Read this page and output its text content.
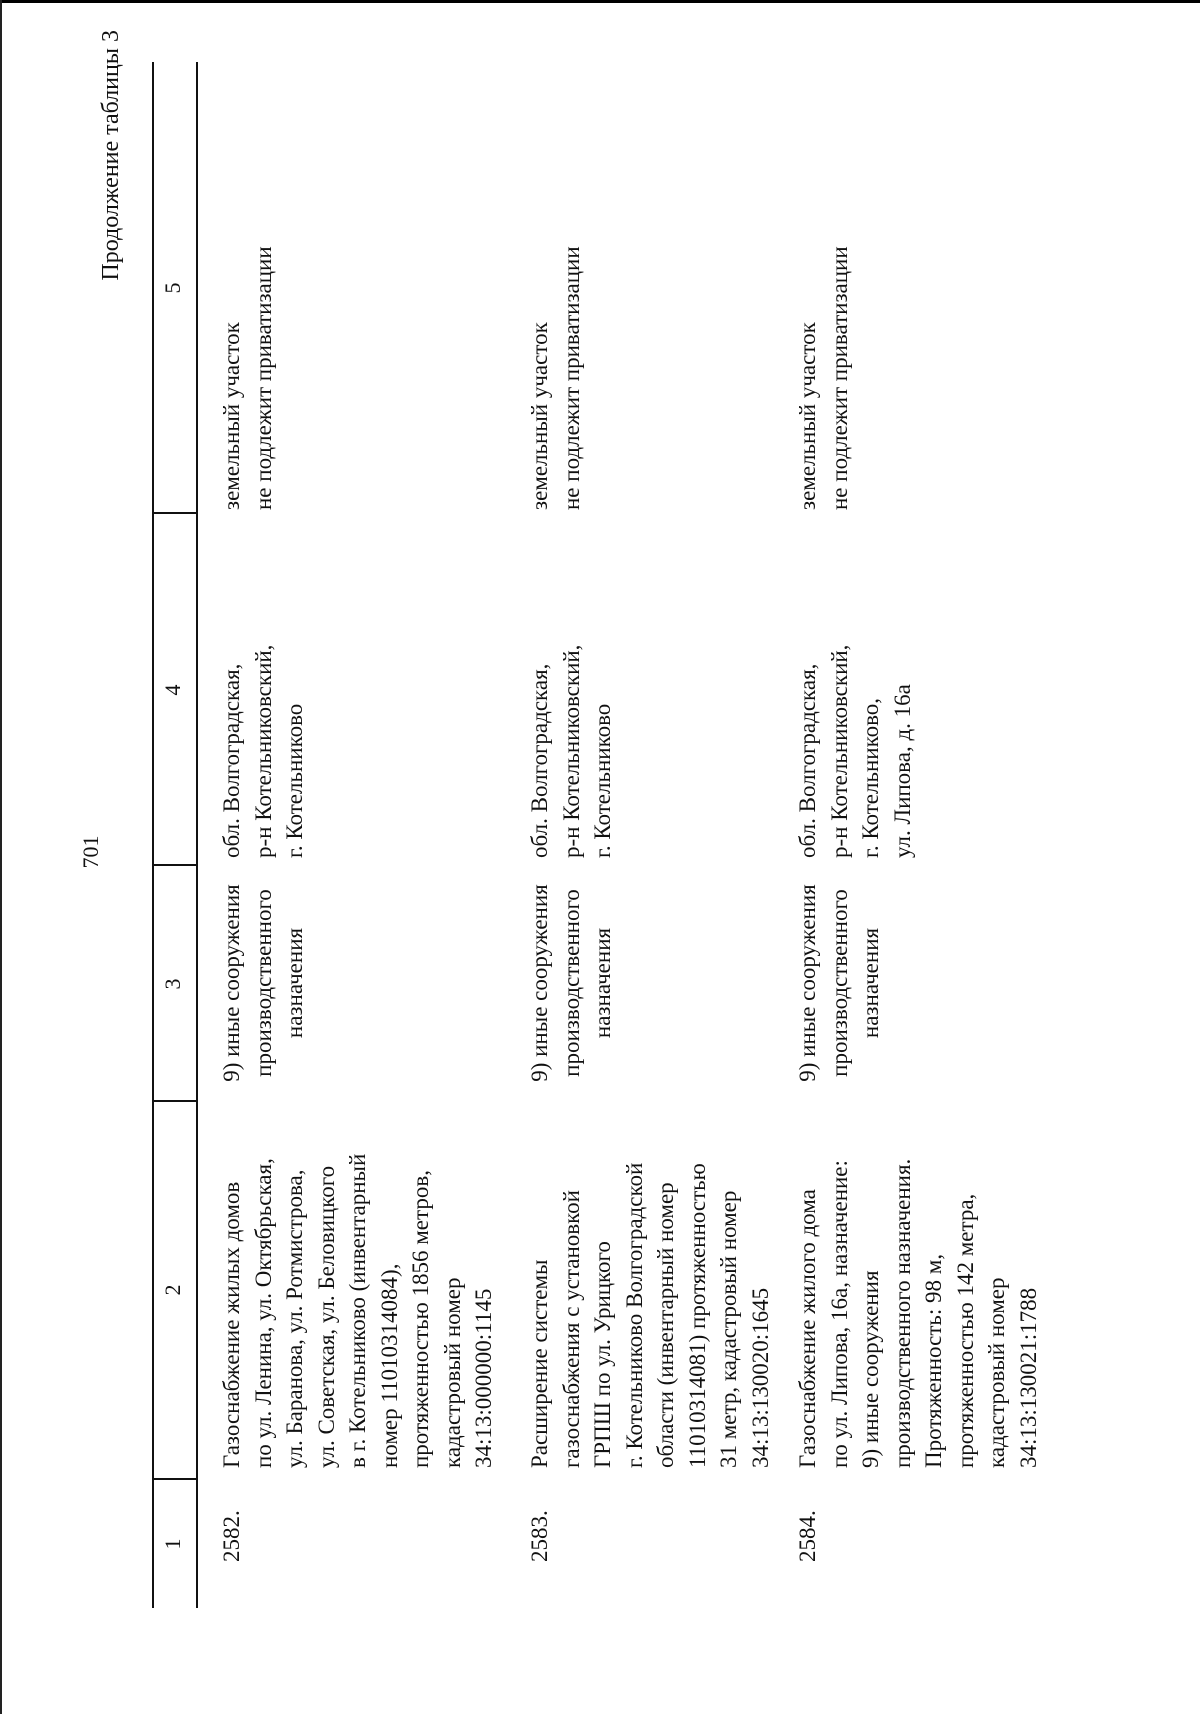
701
Продолжение таблицы 3
1
2
3
4
5
2582.
Газоснабжение жилых домов
по ул. Ленина, ул. Октябрьская,
ул. Баранова, ул. Ротмистрова,
ул. Советская, ул. Беловицкого
в г. Котельниково (инвентарный
номер 11010314084),
протяженностью 1856 метров,
кадастровый номер
34:13:000000:1145
9) иные сооружения
производственного
назначения
обл. Волгоградская,
р-н Котельниковский,
г. Котельниково
земельный участок
не подлежит приватизации
2583.
Расширение системы
газоснабжения с установкой
ГРПШ по ул. Урицкого
г. Котельниково Волгоградской
области (инвентарный номер
11010314081) протяженностью
31 метр, кадастровый номер
34:13:130020:1645
9) иные сооружения
производственного
назначения
обл. Волгоградская,
р-н Котельниковский,
г. Котельниково
земельный участок
не подлежит приватизации
2584.
Газоснабжение жилого дома
по ул. Липова, 16а, назначение:
9) иные сооружения
производственного назначения.
Протяженность: 98 м,
протяженностью 142 метра,
кадастровый номер
34:13:130021:1788
9) иные сооружения
производственного
назначения
обл. Волгоградская,
р-н Котельниковский,
г. Котельниково,
ул. Липова, д. 16а
земельный участок
не подлежит приватизации
